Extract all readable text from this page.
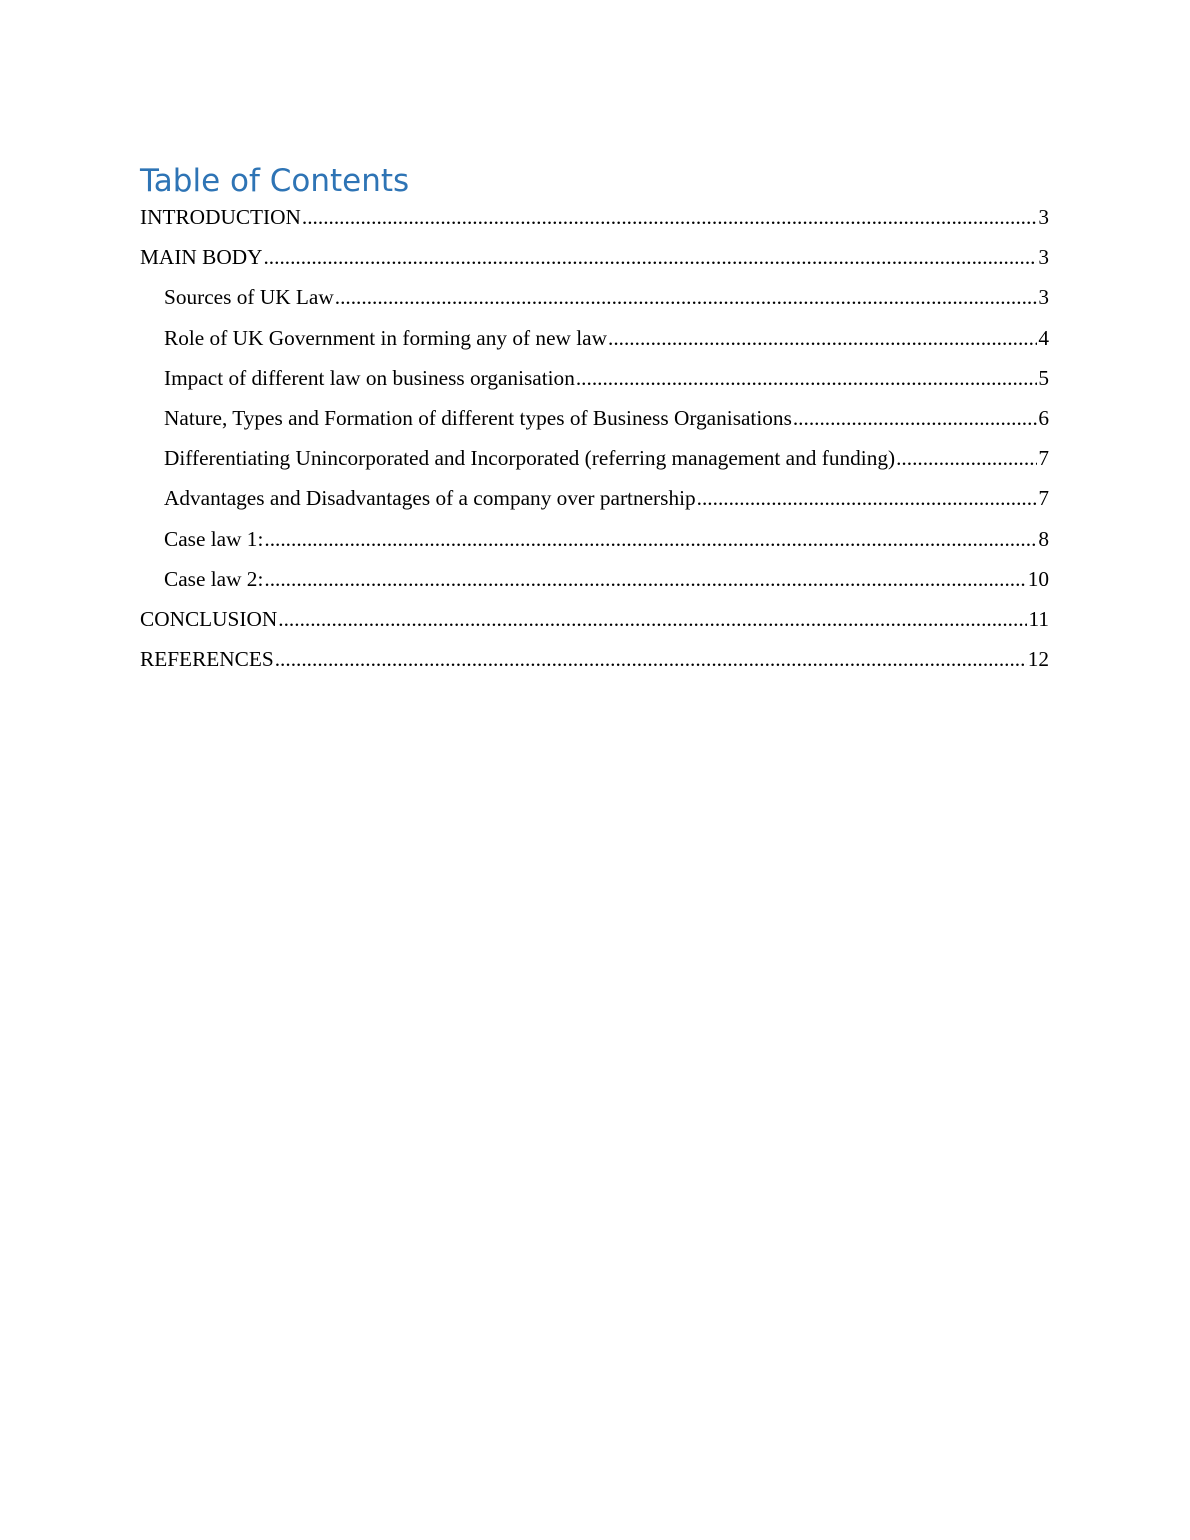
Table of Contents
INTRODUCTION .....	3
MAIN BODY .....	3
Sources of UK Law .....	3
Role of UK Government in forming any of new law .....	4
Impact of different law on business organisation .....	5
Nature, Types and Formation of different types of Business Organisations .....	6
Differentiating Unincorporated and Incorporated (referring management and funding) .....	7
Advantages and Disadvantages of a company over partnership .....	7
Case law 1: .....	8
Case law 2: .....	10
CONCLUSION .....	11
REFERENCES .....	12
